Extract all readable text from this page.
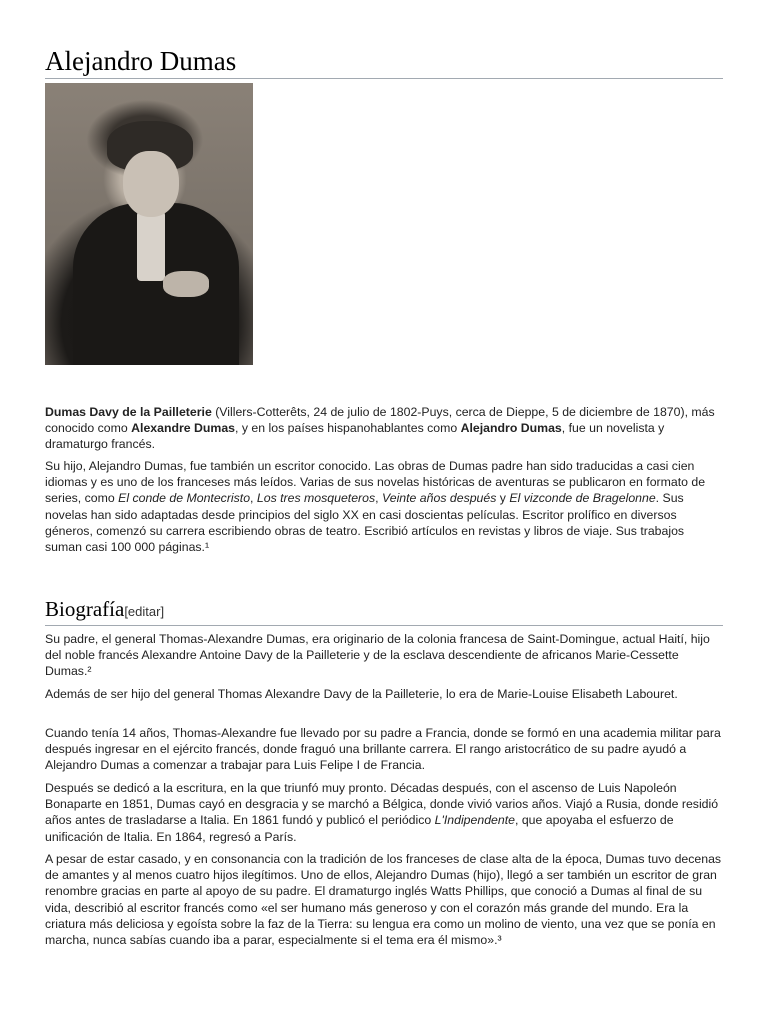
Alejandro Dumas

Dumas Davy de la Pailleterie (Villers-Cotterêts, 24 de julio de 1802-Puys, cerca de Dieppe, 5 de diciembre de 1870), más conocido como Alexandre Dumas, y en los países hispanohablantes como Alejandro Dumas, fue un novelista y dramaturgo francés.

Su hijo, Alejandro Dumas, fue también un escritor conocido. Las obras de Dumas padre han sido traducidas a casi cien idiomas y es uno de los franceses más leídos. Varias de sus novelas históricas de aventuras se publicaron en formato de series, como El conde de Montecristo, Los tres mosqueteros, Veinte años después y El vizconde de Bragelonne. Sus novelas han sido adaptadas desde principios del siglo XX en casi doscientas películas. Escritor prolífico en diversos géneros, comenzó su carrera escribiendo obras de teatro. Escribió artículos en revistas y libros de viaje. Sus trabajos suman casi 100 000 páginas.¹

Biografía[editar]

Su padre, el general Thomas-Alexandre Dumas, era originario de la colonia francesa de Saint-Domingue, actual Haití, hijo del noble francés Alexandre Antoine Davy de la Pailleterie y de la esclava descendiente de africanos Marie-Cessette Dumas.²

Además de ser hijo del general Thomas Alexandre Davy de la Pailleterie, lo era de Marie-Louise Elisabeth Labouret.

Cuando tenía 14 años, Thomas-Alexandre fue llevado por su padre a Francia, donde se formó en una academia militar para después ingresar en el ejército francés, donde fraguó una brillante carrera. El rango aristocrático de su padre ayudó a Alejandro Dumas a comenzar a trabajar para Luis Felipe I de Francia.

Después se dedicó a la escritura, en la que triunfó muy pronto. Décadas después, con el ascenso de Luis Napoleón Bonaparte en 1851, Dumas cayó en desgracia y se marchó a Bélgica, donde vivió varios años. Viajó a Rusia, donde residió años antes de trasladarse a Italia. En 1861 fundó y publicó el periódico L'Indipendente, que apoyaba el esfuerzo de unificación de Italia. En 1864, regresó a París.

A pesar de estar casado, y en consonancia con la tradición de los franceses de clase alta de la época, Dumas tuvo decenas de amantes y al menos cuatro hijos ilegítimos. Uno de ellos, Alejandro Dumas (hijo), llegó a ser también un escritor de gran renombre gracias en parte al apoyo de su padre. El dramaturgo inglés Watts Phillips, que conoció a Dumas al final de su vida, describió al escritor francés como «el ser humano más generoso y con el corazón más grande del mundo. Era la criatura más deliciosa y egoísta sobre la faz de la Tierra: su lengua era como un molino de viento, una vez que se ponía en marcha, nunca sabías cuando iba a parar, especialmente si el tema era él mismo».³
